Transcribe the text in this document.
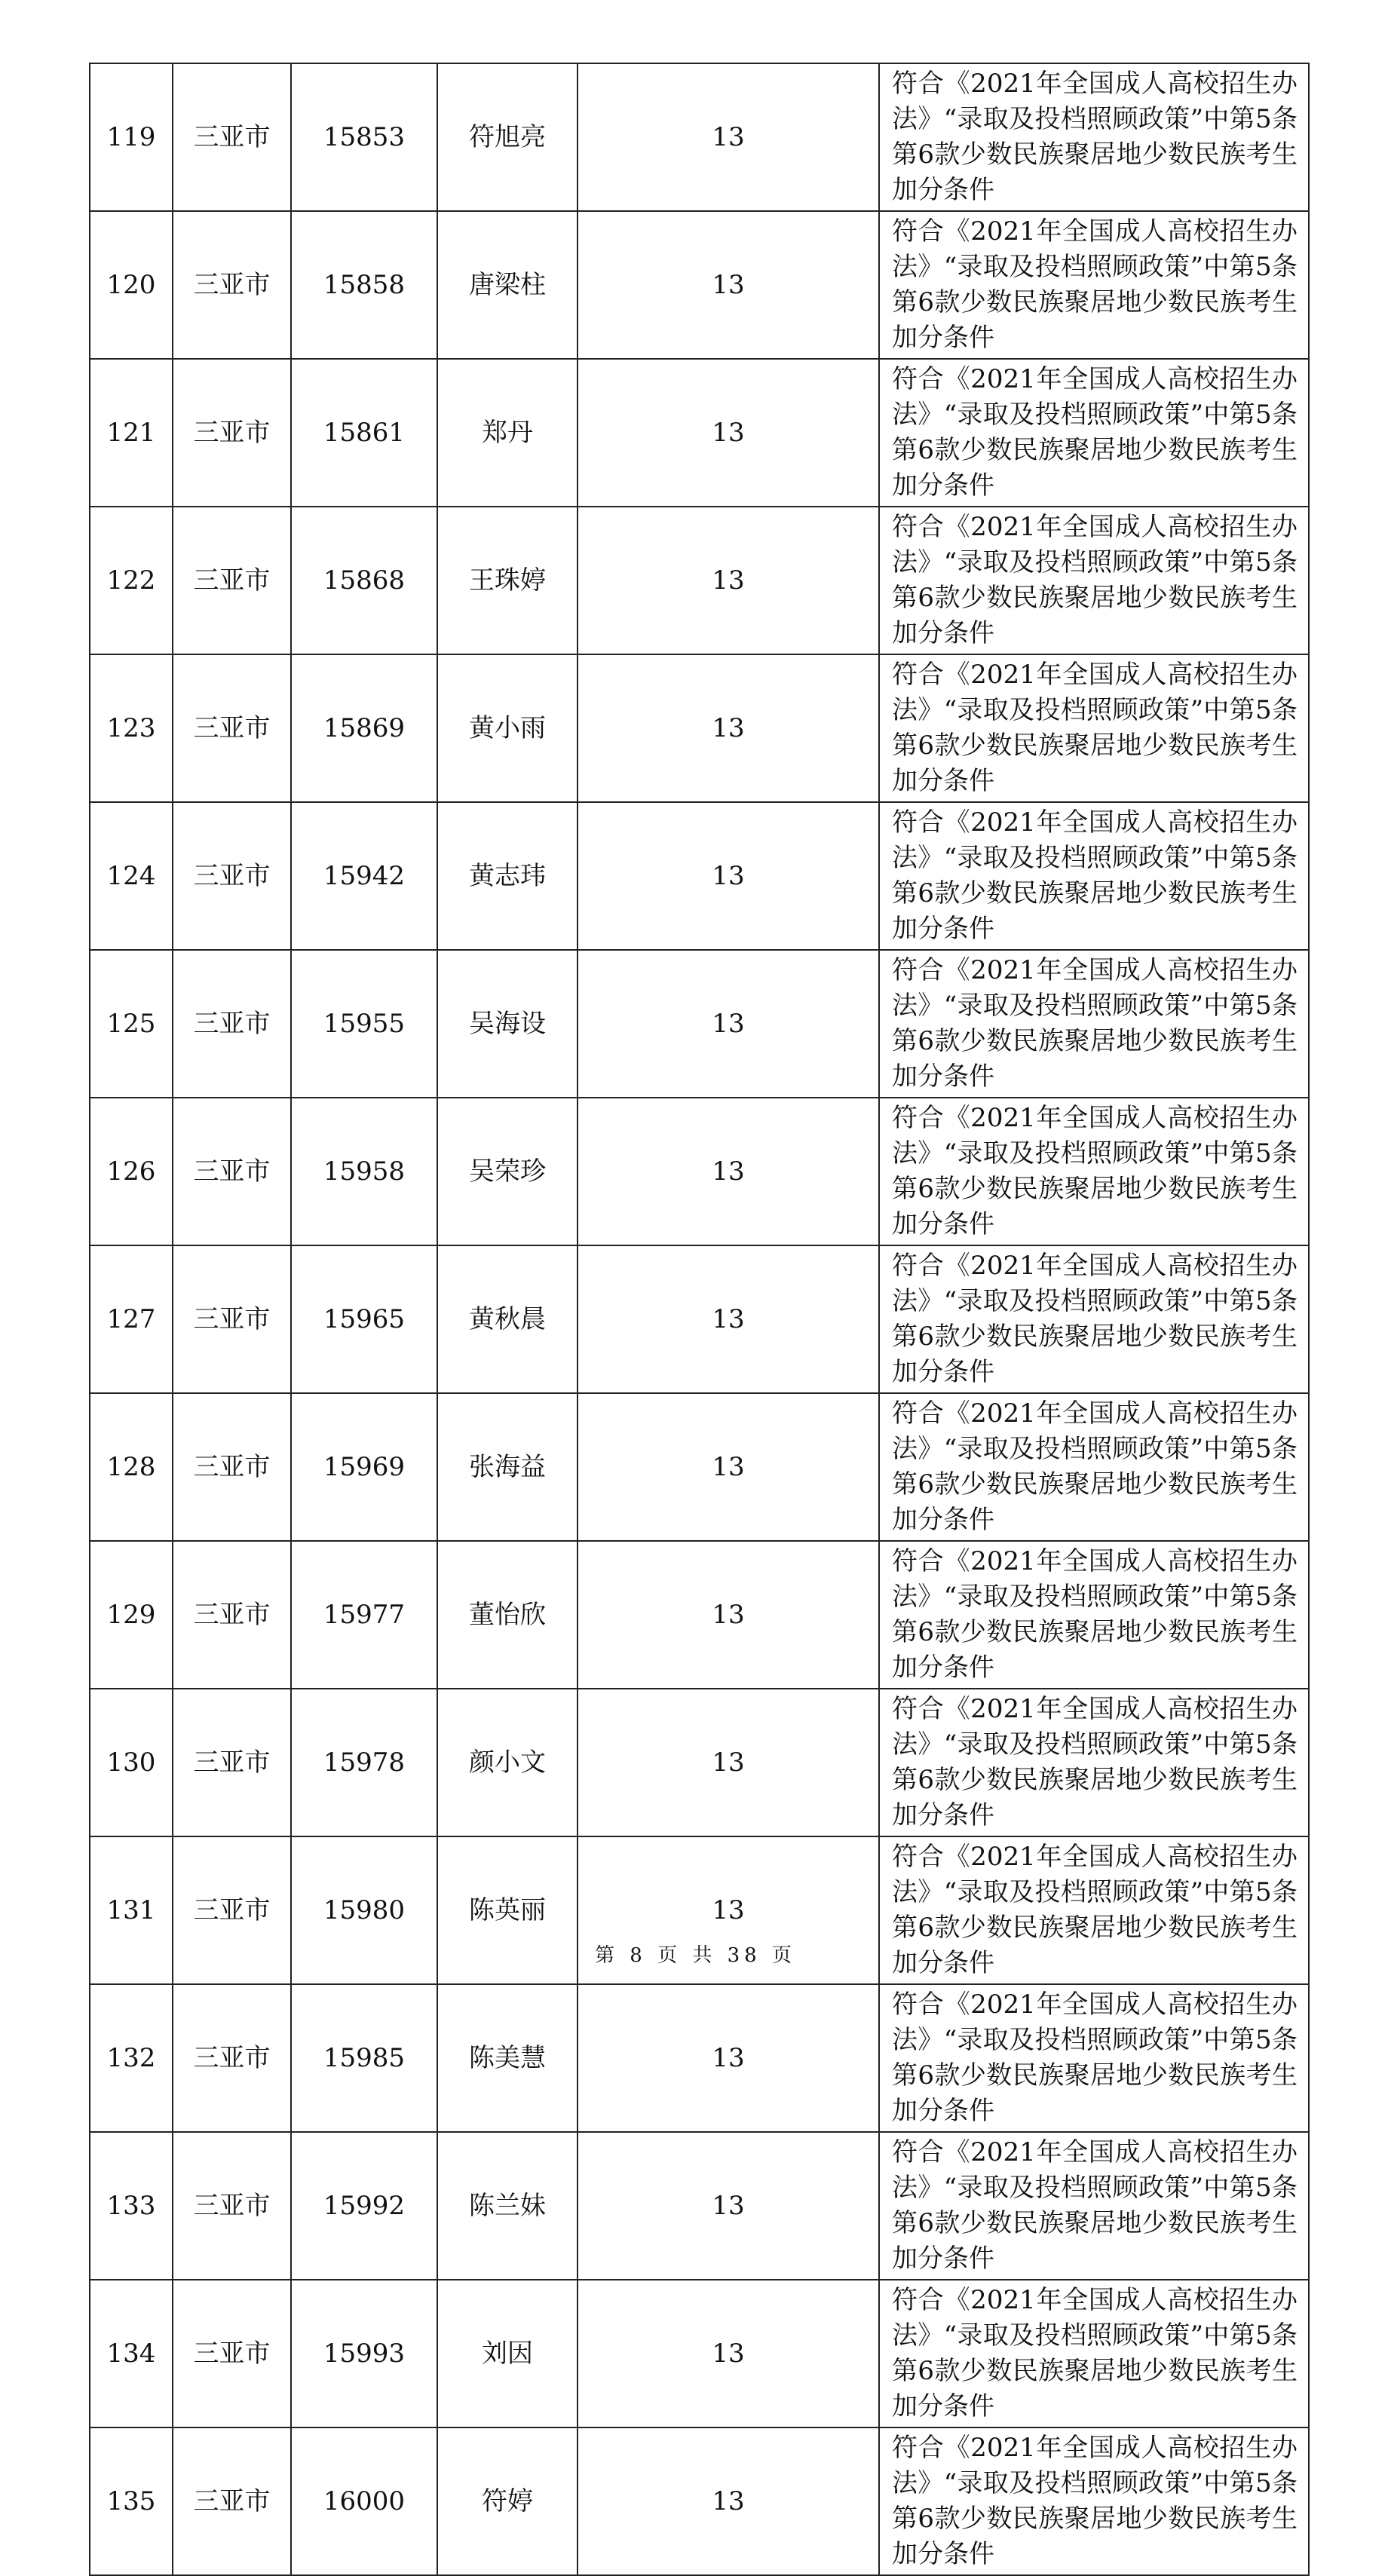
119	三亚市	15853	符旭亮	13	符合《2021年全国成人高校招生办法》“录取及投档照顾政策”中第5条第6款少数民族聚居地少数民族考生加分条件

120	三亚市	15858	唐梁柱	13	符合《2021年全国成人高校招生办法》“录取及投档照顾政策”中第5条第6款少数民族聚居地少数民族考生加分条件

121	三亚市	15861	郑丹	13	符合《2021年全国成人高校招生办法》“录取及投档照顾政策”中第5条第6款少数民族聚居地少数民族考生加分条件

122	三亚市	15868	王珠婷	13	符合《2021年全国成人高校招生办法》“录取及投档照顾政策”中第5条第6款少数民族聚居地少数民族考生加分条件

123	三亚市	15869	黄小雨	13	符合《2021年全国成人高校招生办法》“录取及投档照顾政策”中第5条第6款少数民族聚居地少数民族考生加分条件

124	三亚市	15942	黄志玮	13	符合《2021年全国成人高校招生办法》“录取及投档照顾政策”中第5条第6款少数民族聚居地少数民族考生加分条件

125	三亚市	15955	吴海设	13	符合《2021年全国成人高校招生办法》“录取及投档照顾政策”中第5条第6款少数民族聚居地少数民族考生加分条件

126	三亚市	15958	吴荣珍	13	符合《2021年全国成人高校招生办法》“录取及投档照顾政策”中第5条第6款少数民族聚居地少数民族考生加分条件

127	三亚市	15965	黄秋晨	13	符合《2021年全国成人高校招生办法》“录取及投档照顾政策”中第5条第6款少数民族聚居地少数民族考生加分条件

128	三亚市	15969	张海益	13	符合《2021年全国成人高校招生办法》“录取及投档照顾政策”中第5条第6款少数民族聚居地少数民族考生加分条件

129	三亚市	15977	董怡欣	13	符合《2021年全国成人高校招生办法》“录取及投档照顾政策”中第5条第6款少数民族聚居地少数民族考生加分条件

130	三亚市	15978	颜小文	13	符合《2021年全国成人高校招生办法》“录取及投档照顾政策”中第5条第6款少数民族聚居地少数民族考生加分条件

131	三亚市	15980	陈英丽	13	符合《2021年全国成人高校招生办法》“录取及投档照顾政策”中第5条第6款少数民族聚居地少数民族考生加分条件

132	三亚市	15985	陈美慧	13	符合《2021年全国成人高校招生办法》“录取及投档照顾政策”中第5条第6款少数民族聚居地少数民族考生加分条件

133	三亚市	15992	陈兰妹	13	符合《2021年全国成人高校招生办法》“录取及投档照顾政策”中第5条第6款少数民族聚居地少数民族考生加分条件

134	三亚市	15993	刘因	13	符合《2021年全国成人高校招生办法》“录取及投档照顾政策”中第5条第6款少数民族聚居地少数民族考生加分条件

135	三亚市	16000	符婷	13	符合《2021年全国成人高校招生办法》“录取及投档照顾政策”中第5条第6款少数民族聚居地少数民族考生加分条件
第 8 页 共 38 页
